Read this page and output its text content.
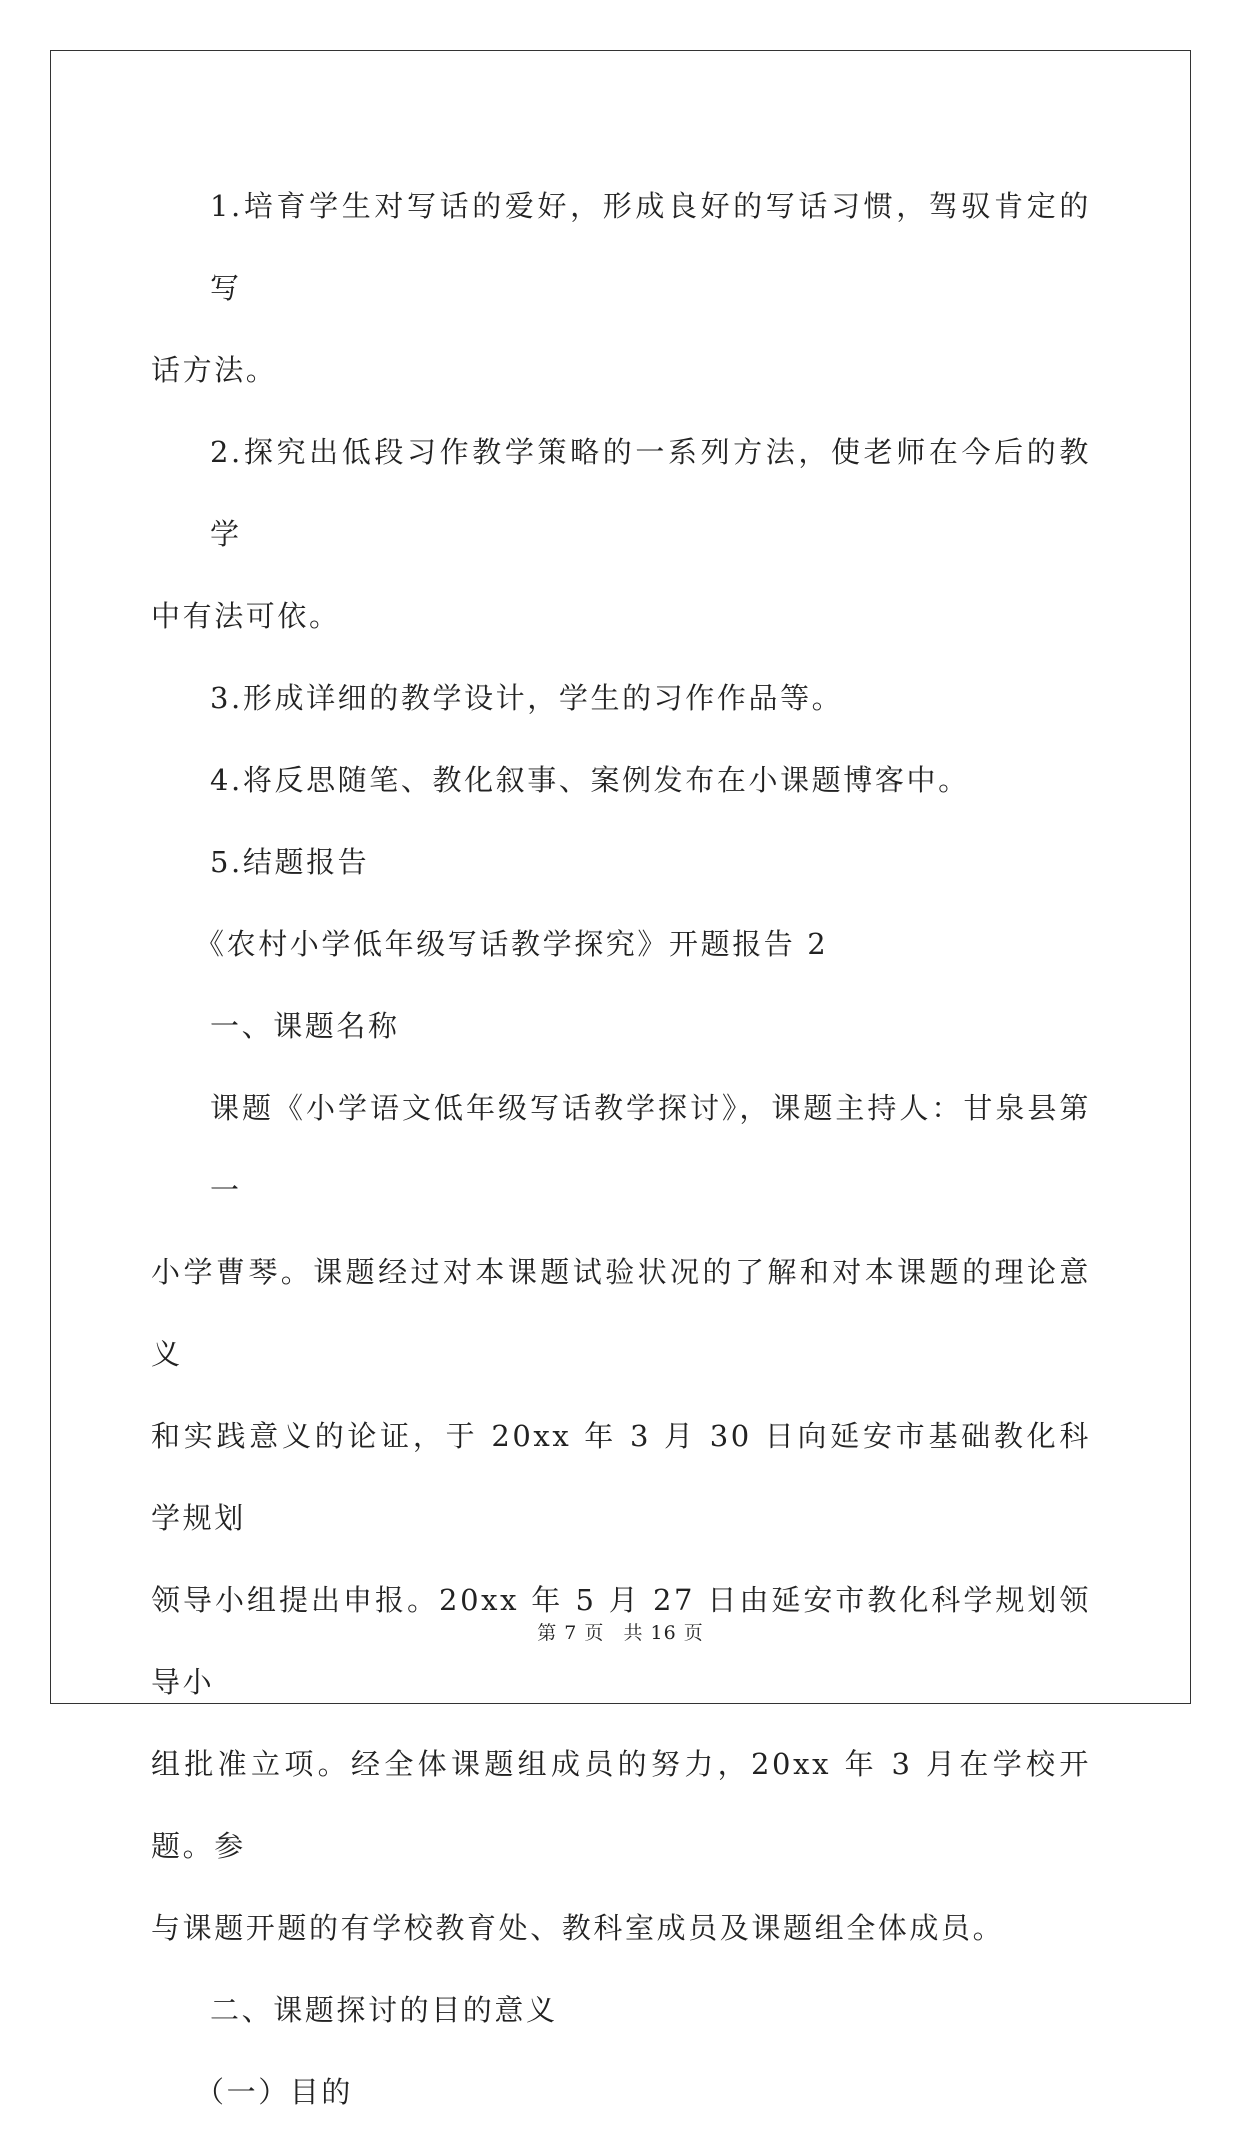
1.培育学生对写话的爱好，形成良好的写话习惯，驾驭肯定的写
话方法。

2.探究出低段习作教学策略的一系列方法，使老师在今后的教学
中有法可依。

3.形成详细的教学设计，学生的习作作品等。

4.将反思随笔、教化叙事、案例发布在小课题博客中。

5.结题报告

《农村小学低年级写话教学探究》开题报告 2

一、课题名称

课题《小学语文低年级写话教学探讨》，课题主持人：甘泉县第一
小学曹琴。课题经过对本课题试验状况的了解和对本课题的理论意义
和实践意义的论证，于 20xx 年 3 月 30 日向延安市基础教化科学规划
领导小组提出申报。20xx 年 5 月 27 日由延安市教化科学规划领导小
组批准立项。经全体课题组成员的努力，20xx 年 3 月在学校开题。参
与课题开题的有学校教育处、教科室成员及课题组全体成员。

二、课题探讨的目的意义

（一）目的

第 7 页 共 16 页
